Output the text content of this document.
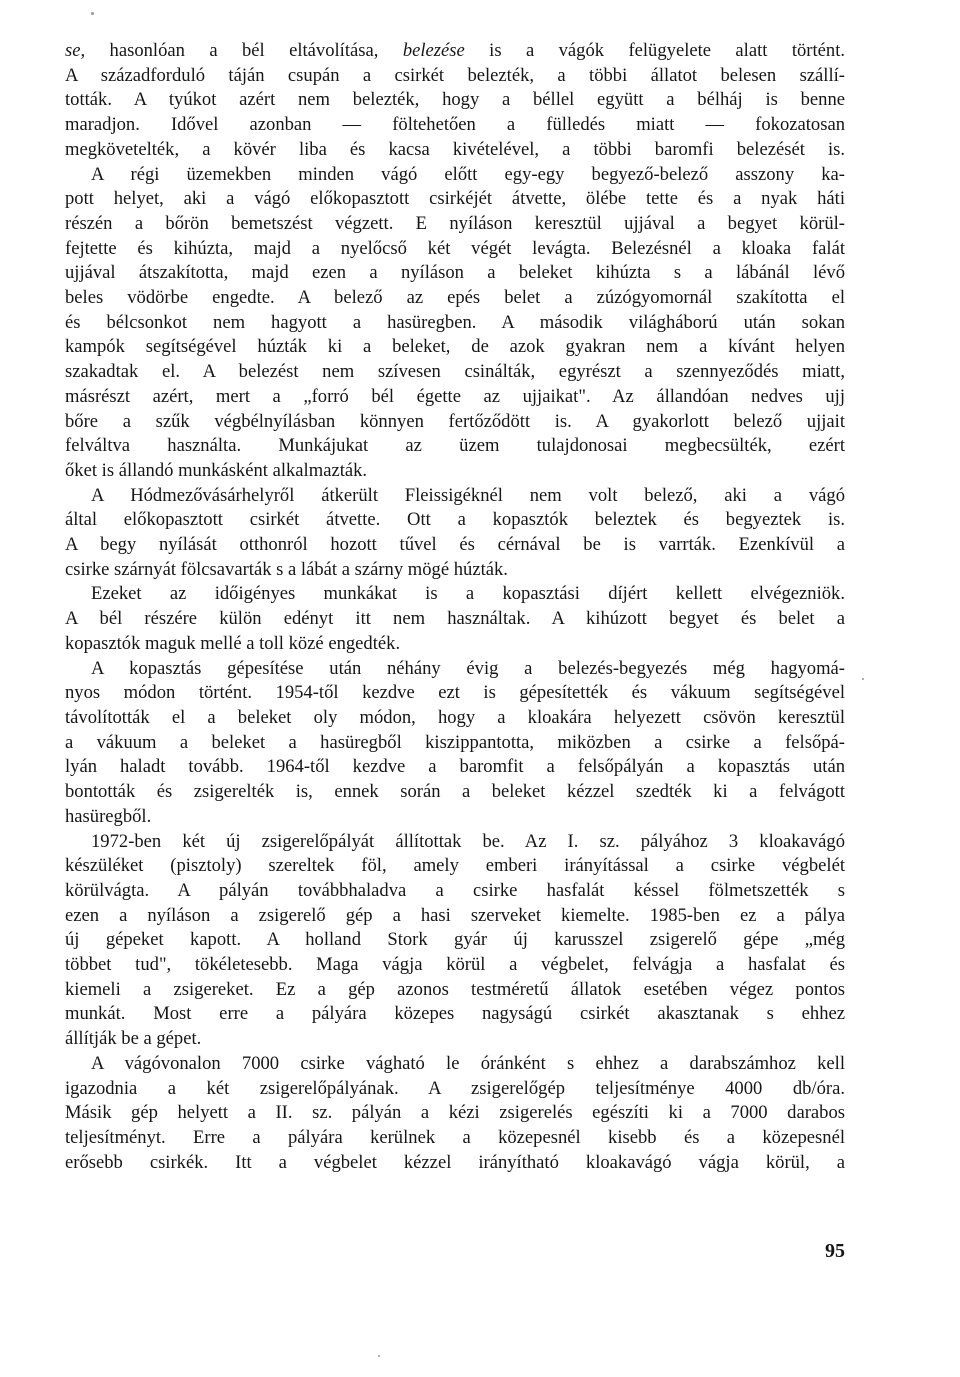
se, hasonlóan a bél eltávolítása, belezése is a vágók felügyelete alatt történt.
A századforduló táján csupán a csirkét belezték, a többi állatot belesen szállí-
tották. A tyúkot azért nem belezték, hogy a béllel együtt a bélháj is benne
maradjon. Idővel azonban — föltehetően a fülledés miatt — fokozatosan
megkövetelték, a kövér liba és kacsa kivételével, a többi baromfi belezését is.
A régi üzemekben minden vágó előtt egy-egy begyező-belező asszony ka-
pott helyet, aki a vágó előkopasztott csirkéjét átvette, ölébe tette és a nyak háti
részén a bőrön bemetszést végzett. E nyíláson keresztül ujjával a begyet körül-
fejtette és kihúzta, majd a nyelőcső két végét levágta. Belezésnél a kloaka falát
ujjával átszakította, majd ezen a nyíláson a beleket kihúzta s a lábánál lévő
beles vödörbe engedte. A belező az epés belet a zúzógyomornál szakította el
és bélcsonkot nem hagyott a hasüregben. A második világháború után sokan
kampók segítségével húzták ki a beleket, de azok gyakran nem a kívánt helyen
szakadtak el. A belezést nem szívesen csinálták, egyrészt a szennyeződés miatt,
másrészt azért, mert a „forró bél égette az ujjaikat". Az állandóan nedves ujj
bőre a szűk végbélnyílásban könnyen fertőződött is. A gyakorlott belező ujjait
felváltva használta. Munkájukat az üzem tulajdonosai megbecsülték, ezért
őket is állandó munkásként alkalmazták.
A Hódmezővásárhelyről átkerült Fleissigéknél nem volt belező, aki a vágó
által előkopasztott csirkét átvette. Ott a kopasztók beleztek és begyeztek is.
A begy nyílását otthonról hozott tűvel és cérnával be is varrták. Ezenkívül a
csirke szárnyát fölcsavarták s a lábát a szárny mögé húzták.
Ezeket az időigényes munkákat is a kopasztási díjért kellett elvégezniök.
A bél részére külön edényt itt nem használtak. A kihúzott begyet és belet a
kopasztók maguk mellé a toll közé engedték.
A kopasztás gépesítése után néhány évig a belezés-begyezés még hagyomá-
nyos módon történt. 1954-től kezdve ezt is gépesítették és vákuum segítségével
távolították el a beleket oly módon, hogy a kloakára helyezett csövön keresztül
a vákuum a beleket a hasüregből kiszippantotta, miközben a csirke a felsőpá-
lyán haladt tovább. 1964-től kezdve a baromfit a felsőpályán a kopasztás után
bontották és zsigerelték is, ennek során a beleket kézzel szedték ki a felvágott
hasüregből.
1972-ben két új zsigerelőpályát állítottak be. Az I. sz. pályához 3 kloakavágó
készüléket (pisztoly) szereltek föl, amely emberi irányítással a csirke végbelét
körülvágta. A pályán továbbhaladva a csirke hasfalát késsel fölmetszették s
ezen a nyíláson a zsigerelő gép a hasi szerveket kiemelte. 1985-ben ez a pálya
új gépeket kapott. A holland Stork gyár új karusszel zsigerelő gépe „még
többet tud", tökéletesebb. Maga vágja körül a végbelet, felvágja a hasfalat és
kiemeli a zsigereket. Ez a gép azonos testméretű állatok esetében végez pontos
munkát. Most erre a pályára közepes nagyságú csirkét akasztanak s ehhez
állítják be a gépet.
A vágóvonalon 7000 csirke vágható le óránként s ehhez a darabszámhoz kell
igazodnia a két zsigerelőpályának. A zsigerelőgép teljesítménye 4000 db/óra.
Másik gép helyett a II. sz. pályán a kézi zsigerelés egészíti ki a 7000 darabos
teljesítményt. Erre a pályára kerülnek a közepesnél kisebb és a közepesnél
erősebb csirkék. Itt a végbelet kézzel irányítható kloakavágó vágja körül, a
95
